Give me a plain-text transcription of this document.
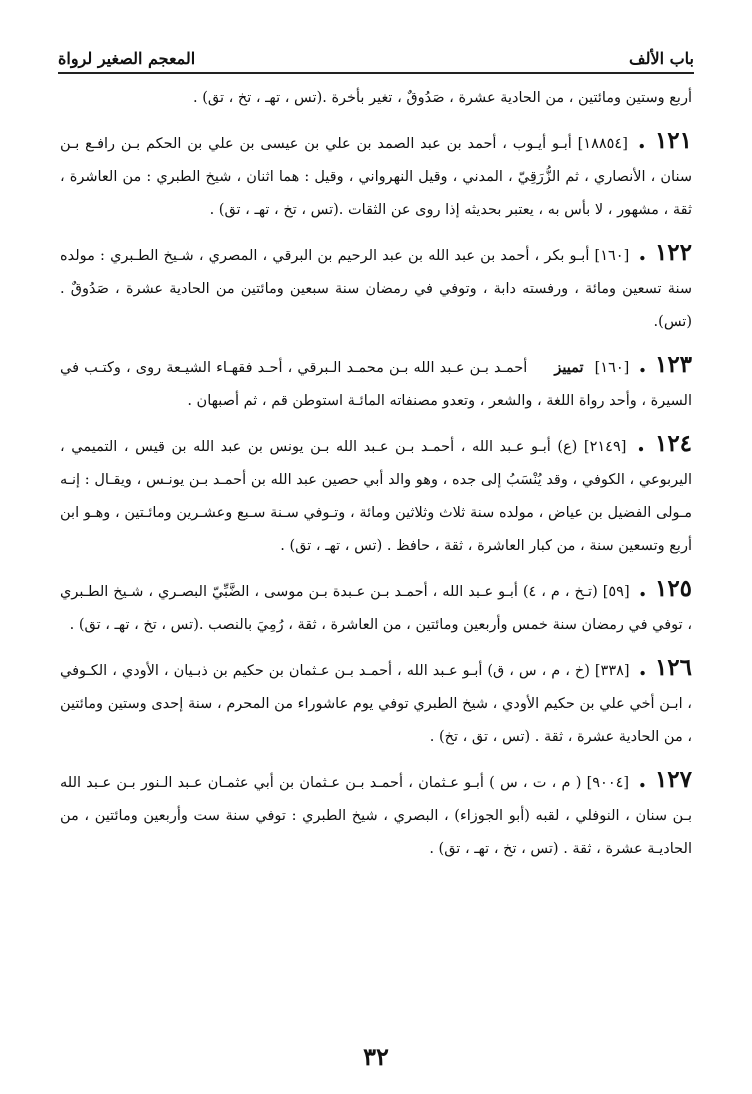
باب الألف
المعجم الصغير لرواة

أربع وستين ومائتين ، من الحادية عشرة ، صَدُوقٌ ، تغير بأخرة .(تس ، تهـ ، تخ ، تق) .

١٢١ . [١٨٨٥٤] أبـو أيـوب ، أحمد بن عبد الصمد بن علي بن عيسى بن علي بن الحكم بـن رافـع بـن سنان ، الأنصاري ، ثم الزُّرَقِيّ ، المدني ، وقيل النهرواني ، وقيل : هما اثنان ، شيخ الطبري : من العاشرة ، ثقة ، مشهور ، لا بأس به ، يعتبر بحديثه إذا روى عن الثقات .(تس ، تخ ، تهـ ، تق) .

١٢٢ . [١٦٠] أبـو بكر ، أحمد بن عبد الله بن عبد الرحيم بن البرقي ، المصري ، شـيخ الطـبري : مولده سنة تسعين ومائة ، ورفسته دابة ، وتوفي في رمضان سنة سبعين ومائتين من الحادية عشرة ، صَدُوقٌ . (تس).

١٢٣ . [١٦٠] تمييز أحمـد بـن عـبد الله بـن محمـد الـبرقي ، أحـد فقهـاء الشيـعة روى ، وكتـب في السيرة ، وأحد رواة اللغة ، والشعر ، وتعدو مصنفاته المائـة استوطن قم ، ثم أصبهان .

١٢٤ . [٢١٤٩] (ع) أبـو عـبد الله ، أحمـد بـن عـبد الله بـن يونس بن عبد الله بن قيس ، التميمي ، اليربوعي ، الكوفي ، وقد يُنْسَبُ إلى جده ، وهو والد أبي حصين عبد الله بن أحمـد بـن يونـس ، ويقـال : إنـه مـولى الفضيل بن عياض ، مولده سنة ثلاث وثلاثين ومائة ، وتـوفي سـنة سـبع وعشـرين ومائـتين ، وهـو ابن أربع وتسعين سنة ، من كبار العاشرة ، ثقة ، حافظ . (تس ، تهـ ، تق) .

١٢٥ . [٥٩] (تـخ ، م ، ٤) أبـو عـبد الله ، أحمـد بـن عـبدة بـن موسى ، الضَّبِّيّ البصـري ، شـيخ الطـبري ، توفي في رمضان سنة خمس وأربعين ومائتين ، من العاشرة ، ثقة ، رُمِيَ بالنصب .(تس ، تخ ، تهـ ، تق) .

١٢٦ . [٣٣٨] (خ ، م ، س ، ق) أبـو عـبد الله ، أحمـد بـن عـثمان بن حكيم بن ذبـيان ، الأودي ، الكـوفي ، ابـن أخي علي بن حكيم الأودي ، شيخ الطبري توفي يوم عاشوراء من المحرم ، سنة إحدى وستين ومائتين ، من الحادية عشرة ، ثقة . (تس ، تق ، تخ) .

١٢٧ . [٩٠٠٤] ( م ، ت ، س ) أبـو عـثمان ، أحمـد بـن عـثمان بن أبي عثمـان عـبد الـنور بـن عـبد الله بـن سنان ، النوفلي ، لقبه (أبو الجوزاء) ، البصري ، شيخ الطبري : توفي سنة ست وأربعين ومائتين ، من الحاديـة عشرة ، ثقة . (تس ، تخ ، تهـ ، تق) .

٣٢
